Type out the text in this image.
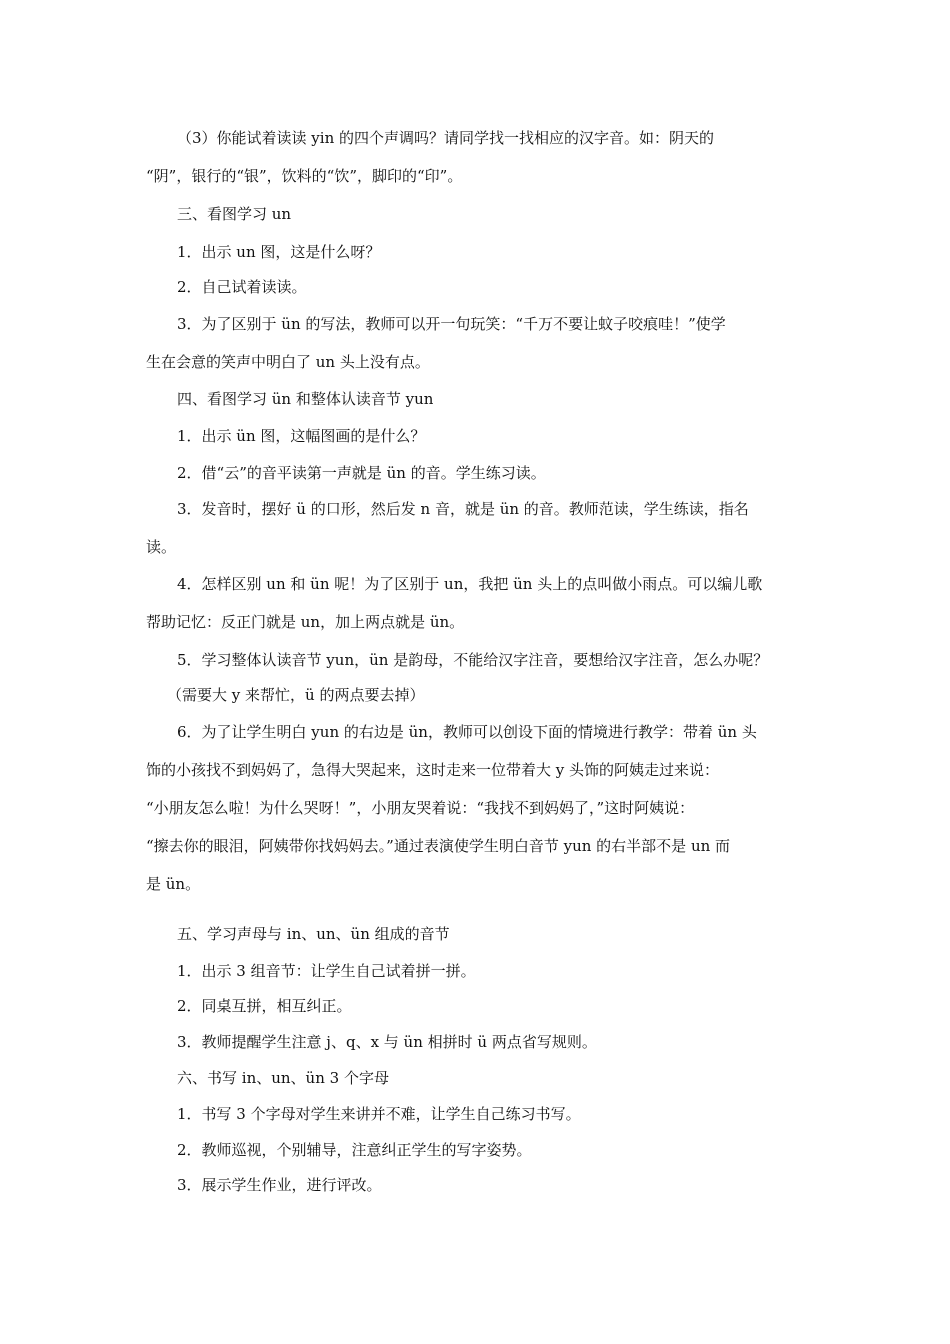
（3）你能试着读读 yin 的四个声调吗？请同学找一找相应的汉字音。如：阴天的
“阴”，银行的“银”，饮料的“饮”，脚印的“印”。
三、看图学习 un
1．出示 un 图，这是什么呀？
2．自己试着读读。
3．为了区别于 ün 的写法，教师可以开一句玩笑：“千万不要让蚊子咬痕哇！”使学
生在会意的笑声中明白了 un 头上没有点。
四、看图学习 ün 和整体认读音节 yun
1．出示 ün 图，这幅图画的是什么？
2．借“云”的音平读第一声就是 ün 的音。学生练习读。
3．发音时，摆好 ü 的口形，然后发 n 音，就是 ün 的音。教师范读，学生练读，指名
读。
4．怎样区别 un 和 ün 呢！为了区别于 un，我把 ün 头上的点叫做小雨点。可以编儿歌
帮助记忆：反正门就是 un，加上两点就是 ün。
5．学习整体认读音节 yun，ün 是韵母，不能给汉字注音，要想给汉字注音，怎么办呢？
（需要大 y 来帮忙，ü 的两点要去掉）
6．为了让学生明白 yun 的右边是 ün，教师可以创设下面的情境进行教学：带着 ün 头
饰的小孩找不到妈妈了，急得大哭起来，这时走来一位带着大 y 头饰的阿姨走过来说：
“小朋友怎么啦！为什么哭呀！”，小朋友哭着说：“我找不到妈妈了，”这时阿姨说：
“擦去你的眼泪，阿姨带你找妈妈去。”通过表演使学生明白音节 yun 的右半部不是 un 而
是 ün。
五、学习声母与 in、un、ün 组成的音节
1．出示 3 组音节：让学生自己试着拼一拼。
2．同桌互拼，相互纠正。
3．教师提醒学生注意 j、q、x 与 ün 相拼时 ü 两点省写规则。
六、书写 in、un、ün 3 个字母
1．书写 3 个字母对学生来讲并不难，让学生自己练习书写。
2．教师巡视，个别辅导，注意纠正学生的写字姿势。
3．展示学生作业，进行评改。
